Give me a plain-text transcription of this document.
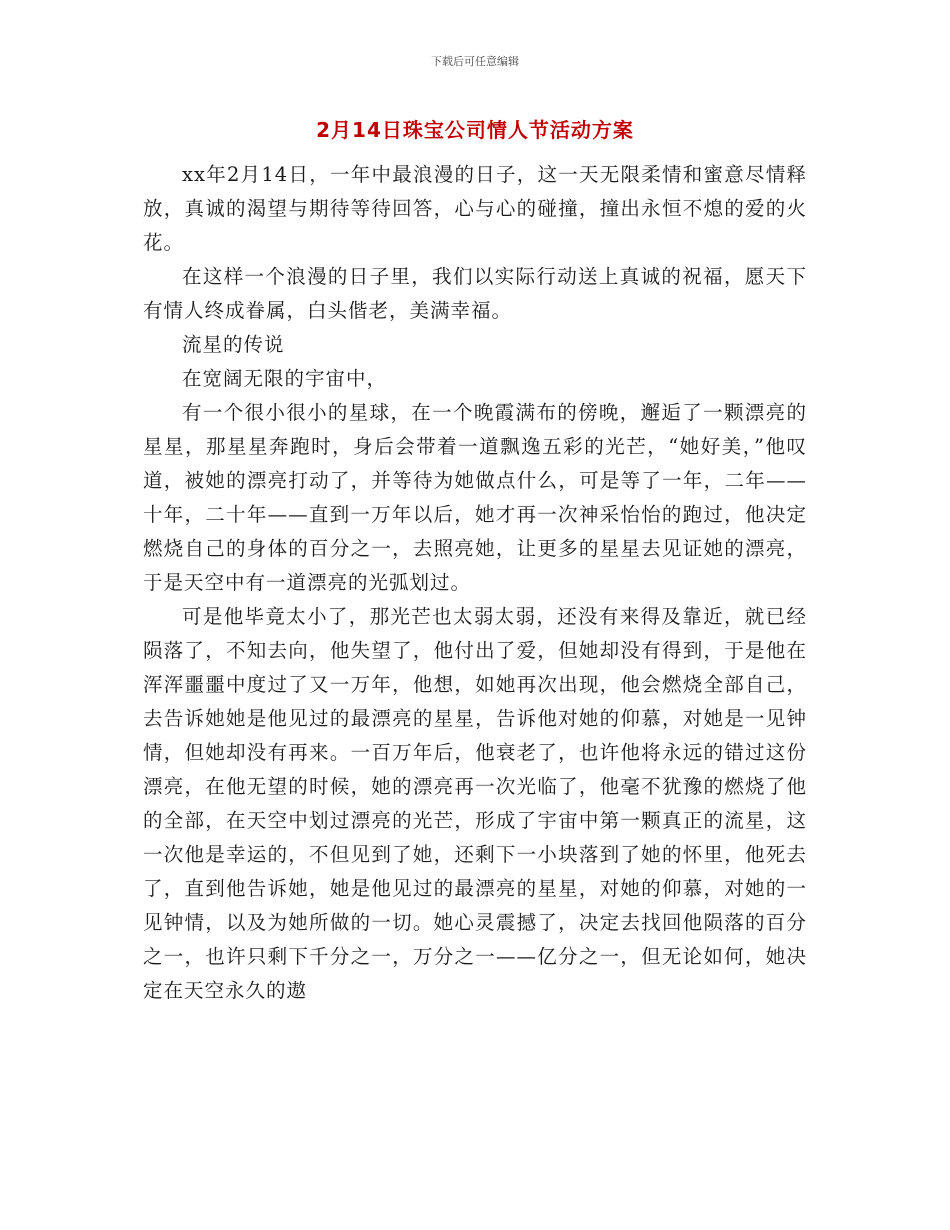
下载后可任意编辑
2月14日珠宝公司情人节活动方案

xx年2月14日，一年中最浪漫的日子，这一天无限柔情和蜜意尽情释放，真诚的渴望与期待等待回答，心与心的碰撞，撞出永恒不熄的爱的火花。

在这样一个浪漫的日子里，我们以实际行动送上真诚的祝福，愿天下有情人终成眷属，白头偕老，美满幸福。

流星的传说

在宽阔无限的宇宙中，

有一个很小很小的星球，在一个晚霞满布的傍晚，邂逅了一颗漂亮的星星，那星星奔跑时，身后会带着一道飘逸五彩的光芒，“她好美，”他叹道，被她的漂亮打动了，并等待为她做点什么，可是等了一年，二年——十年，二十年——直到一万年以后，她才再一次神采怡怡的跑过，他决定燃烧自己的身体的百分之一，去照亮她，让更多的星星去见证她的漂亮，于是天空中有一道漂亮的光弧划过。

可是他毕竟太小了，那光芒也太弱太弱，还没有来得及靠近，就已经陨落了，不知去向，他失望了，他付出了爱，但她却没有得到，于是他在浑浑噩噩中度过了又一万年，他想，如她再次出现，他会燃烧全部自己，去告诉她她是他见过的最漂亮的星星，告诉他对她的仰慕，对她是一见钟情，但她却没有再来。一百万年后，他衰老了，也许他将永远的错过这份漂亮，在他无望的时候，她的漂亮再一次光临了，他毫不犹豫的燃烧了他的全部，在天空中划过漂亮的光芒，形成了宇宙中第一颗真正的流星，这一次他是幸运的，不但见到了她，还剩下一小块落到了她的怀里，他死去了，直到他告诉她，她是他见过的最漂亮的星星，对她的仰慕，对她的一见钟情，以及为她所做的一切。她心灵震撼了，决定去找回他陨落的百分之一，也许只剩下千分之一，万分之一——亿分之一，但无论如何，她决定在天空永久的遨
